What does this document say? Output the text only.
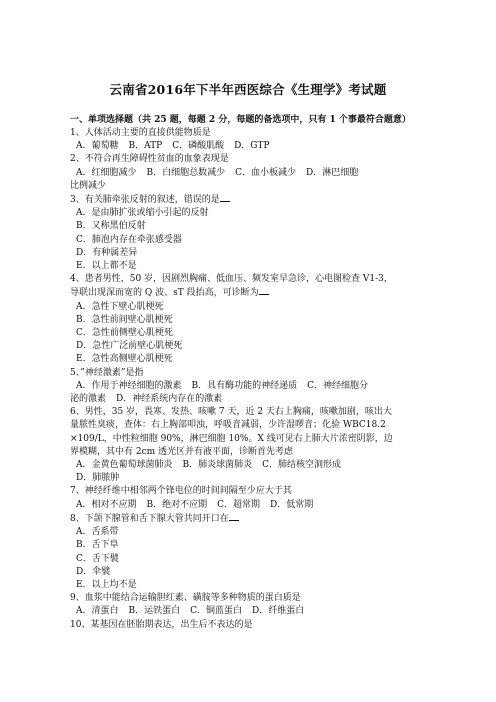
云南省2016年下半年西医综合《生理学》考试题

一、单项选择题（共 25 题，每题 2 分，每题的备选项中，只有 1 个事最符合题意）

1、人体活动主要的直接供能物质是

A．葡萄糖 B．ATP C．磷酸肌酸 D．GTP

2、不符合再生障碍性贫血的血象表现是

A．红细胞减少 B．白细胞总数减少 C．血小板减少 D．淋巴细胞

比例减少

3、有关肺牵张反射的叙述，错误的是

A．是由肺扩张或缩小引起的反射

B．又称黑伯反射

C．肺泡内存在牵张感受器

D．有种属差异

E．以上都不是

4、患者男性，50 岁，因剧烈胸痛、低血压、频发室早急诊，心电图检查 V1-3，

导联出现深而宽的 Q 波、sT 段抬高，可诊断为

A．急性下壁心肌梗死

B．急性前间壁心肌梗死

C．急性前侧壁心肌梗死

D．急性广泛前壁心肌梗死

E．急性高侧壁心肌梗死

5、”神经激素”是指

A．作用于神经细胞的激素 B．具有酶功能的神经递质 C．神经细胞分

泌的激素 D．神经系统内存在的激素

6、男性，35 岁，畏寒、发热、咳嗽 7 天，近 2 天右上胸痛，咳嗽加剧，咳出大

量脓性臭痰，查体：右上胸部叩浊，呼吸音减弱，少许湿啰音；化验 WBC18.2

×109/L，中性粒细胞 90%，淋巴细胞 10%。X 线可见右上肺大片浓密阴影，边

界模糊，其中有 2cm 透光区并有液平面，诊断首先考虑

A．金黄色葡萄球菌肺炎 B．肺炎球菌肺炎 C．肺结核空洞形成

D．肺脓肿

7、神经纤维中相邻两个锋电位的时间间隔至少应大于其

A．相对不应期 B．绝对不应期 C．超常期 D．低常期

8、下颌下腺管和舌下腺大管共同开口在

A．舌系带

B．舌下阜

C．舌下襞

D．伞襞

E．以上均不是

9、血浆中能结合运输胆红素、磺胺等多种物质的蛋白质是

A．清蛋白 B．运铁蛋白 C．铜蓝蛋白 D．纤维蛋白

10、某基因在胚胎期表达，出生后不表达的是
